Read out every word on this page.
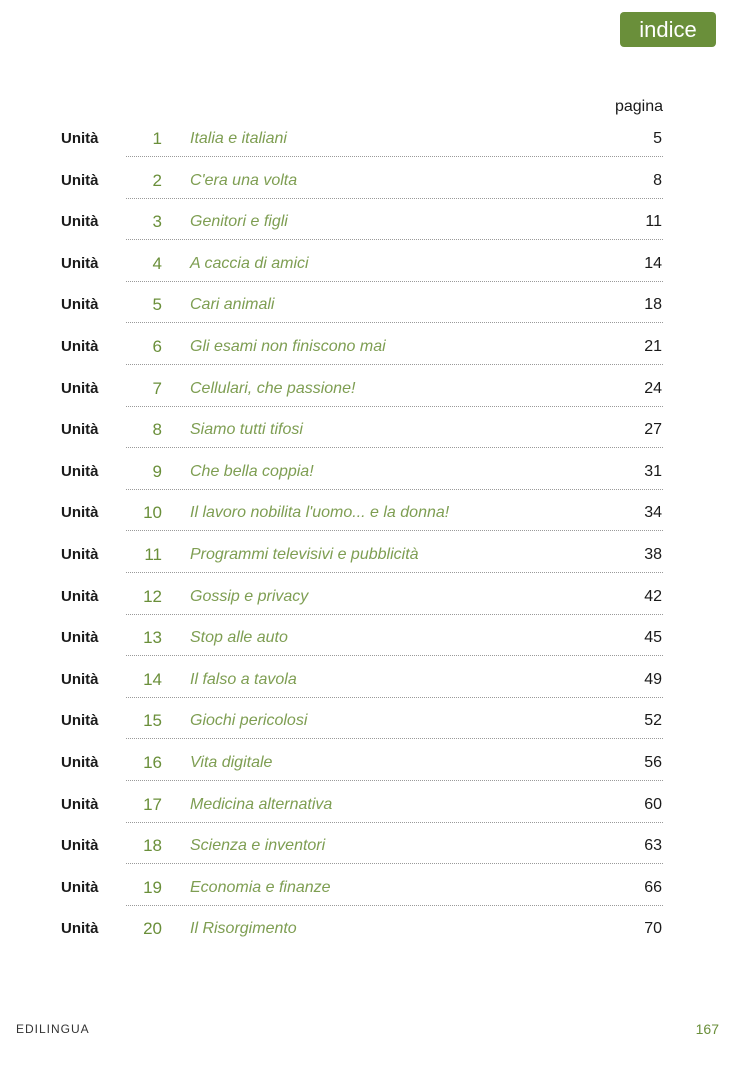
indice
pagina
Unità	1 Italia e italiani	5
Unità	2 C'era una volta	8
Unità	3 Genitori e figli	11
Unità	4 A caccia di amici	14
Unità	5 Cari animali	18
Unità	6 Gli esami non finiscono mai	21
Unità	7 Cellulari, che passione!	24
Unità	8 Siamo tutti tifosi	27
Unità	9 Che bella coppia!	31
Unità	10 Il lavoro nobilita l'uomo... e la donna!	34
Unità	11 Programmi televisivi e pubblicità	38
Unità	12 Gossip e privacy	42
Unità	13 Stop alle auto	45
Unità	14 Il falso a tavola	49
Unità	15 Giochi pericolosi	52
Unità	16 Vita digitale	56
Unità	17 Medicina alternativa	60
Unità	18 Scienza e inventori	63
Unità	19 Economia e finanze	66
Unità	20 Il Risorgimento	70
EDILINGUA	167
